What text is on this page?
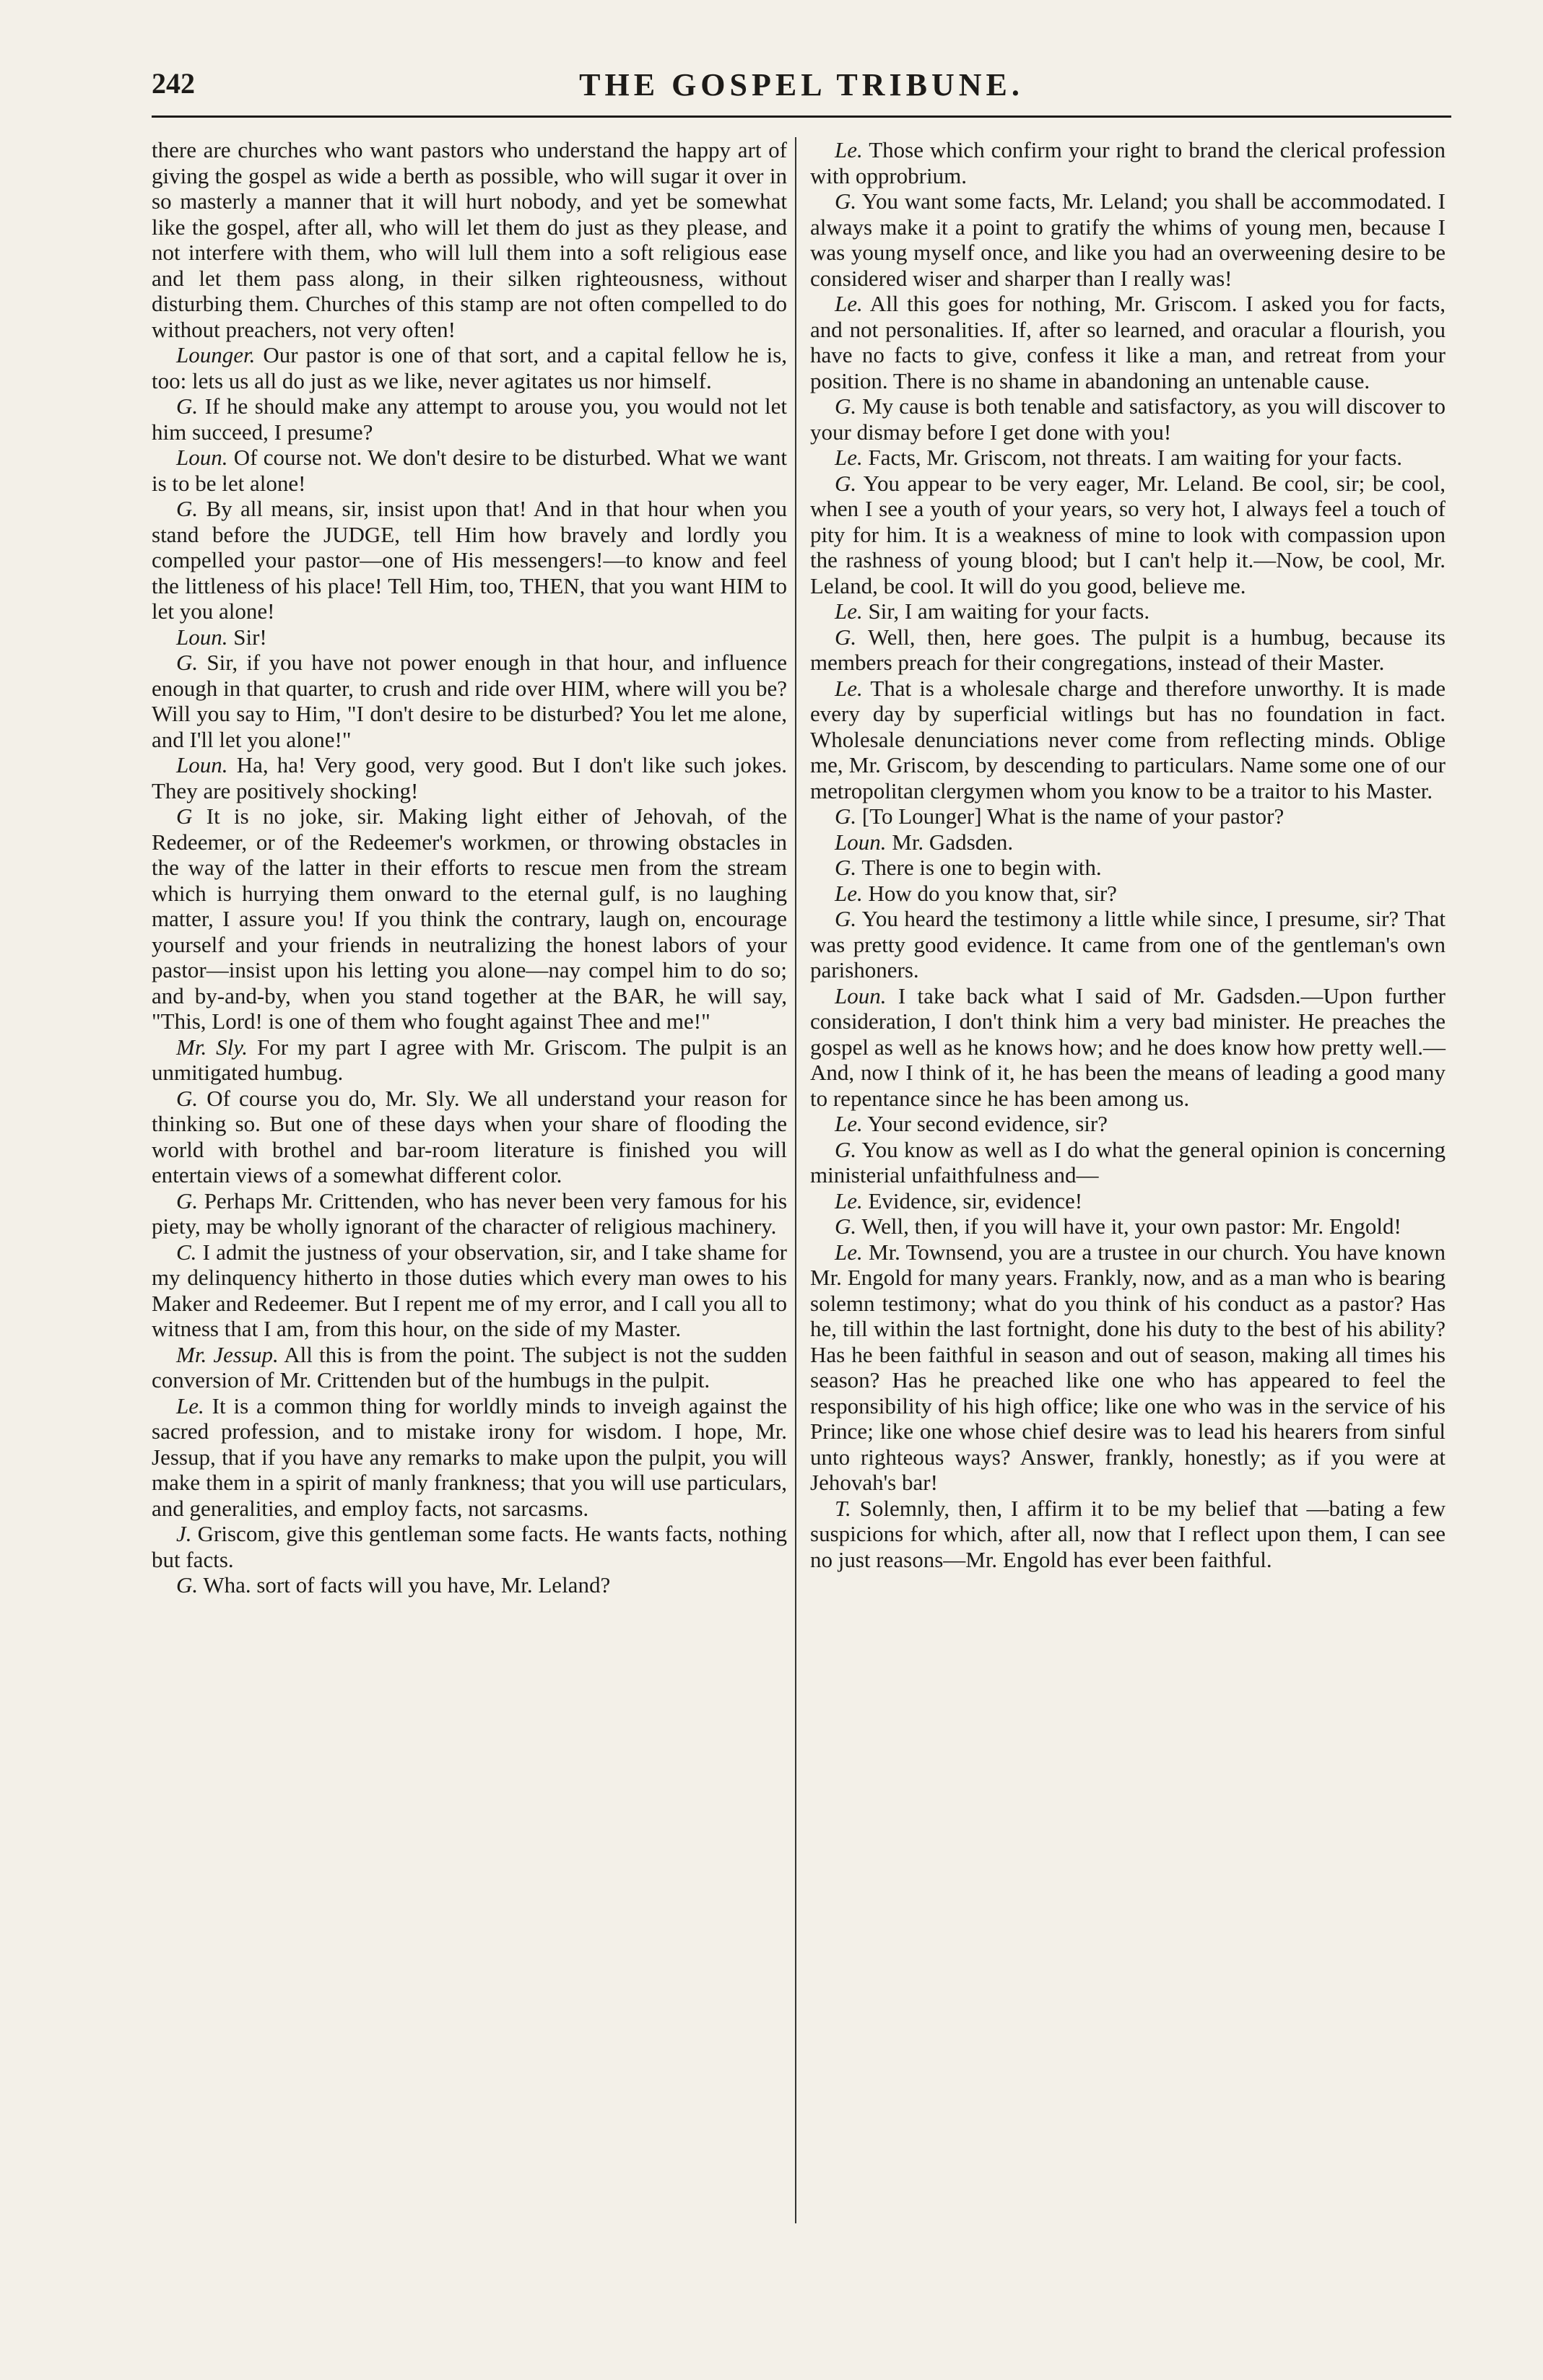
THE GOSPEL TRIBUNE.
242

there are churches who want pastors who understand the happy art of giving the gospel as wide a berth as possible, who will sugar it over in so masterly a manner that it will hurt nobody, and yet be somewhat like the gospel, after all, who will let them do just as they please, and not interfere with them, who will lull them into a soft religious ease and let them pass along, in their silken righteousness, without disturbing them. Churches of this stamp are not often compelled to do without preachers, not very often!

Lounger. Our pastor is one of that sort, and a capital fellow he is, too: lets us all do just as we like, never agitates us nor himself.

G. If he should make any attempt to arouse you, you would not let him succeed, I presume?

Loun. Of course not. We don't desire to be disturbed. What we want is to be let alone!

G. By all means, sir, insist upon that! And in that hour when you stand before the JUDGE, tell Him how bravely and lordly you compelled your pastor—one of His messengers!—to know and feel the littleness of his place! Tell Him, too, THEN, that you want HIM to let you alone!

Loun. Sir!

G. Sir, if you have not power enough in that hour, and influence enough in that quarter, to crush and ride over HIM, where will you be? Will you say to Him, "I don't desire to be disturbed? You let me alone, and I'll let you alone!"

Loun. Ha, ha! Very good, very good. But I don't like such jokes. They are positively shocking!

G It is no joke, sir. Making light either of Jehovah, of the Redeemer, or of the Redeemer's workmen, or throwing obstacles in the way of the latter in their efforts to rescue men from the stream which is hurrying them onward to the eternal gulf, is no laughing matter, I assure you! If you think the contrary, laugh on, encourage yourself and your friends in neutralizing the honest labors of your pastor—insist upon his letting you alone—nay compel him to do so; and by-and-by, when you stand together at the BAR, he will say, "This, Lord! is one of them who fought against Thee and me!"

Mr. Sly. For my part I agree with Mr. Griscom. The pulpit is an unmitigated humbug.

G. Of course you do, Mr. Sly. We all understand your reason for thinking so. But one of these days when your share of flooding the world with brothel and bar-room literature is finished you will entertain views of a somewhat different color.

G. Perhaps Mr. Crittenden, who has never been very famous for his piety, may be wholly ignorant of the character of religious machinery.

C. I admit the justness of your observation, sir, and I take shame for my delinquency hitherto in those duties which every man owes to his Maker and Redeemer. But I repent me of my error, and I call you all to witness that I am, from this hour, on the side of my Master.

Mr. Jessup. All this is from the point. The subject is not the sudden conversion of Mr. Crittenden but of the humbugs in the pulpit.

Le. It is a common thing for worldly minds to inveigh against the sacred profession, and to mistake irony for wisdom. I hope, Mr. Jessup, that if you have any remarks to make upon the pulpit, you will make them in a spirit of manly frankness; that you will use particulars, and generalities, and employ facts, not sarcasms.

J. Griscom, give this gentleman some facts. He wants facts, nothing but facts.

G. Wha. sort of facts will you have, Mr. Leland?

Le. Those which confirm your right to brand the clerical profession with opprobrium.

G. You want some facts, Mr. Leland; you shall be accommodated. I always make it a point to gratify the whims of young men, because I was young myself once, and like you had an overweening desire to be considered wiser and sharper than I really was!

Le. All this goes for nothing, Mr. Griscom. I asked you for facts, and not personalities. If, after so learned, and oracular a flourish, you have no facts to give, confess it like a man, and retreat from your position. There is no shame in abandoning an untenable cause.

G. My cause is both tenable and satisfactory, as you will discover to your dismay before I get done with you!

Le. Facts, Mr. Griscom, not threats. I am waiting for your facts.

G. You appear to be very eager, Mr. Leland. Be cool, sir; be cool, when I see a youth of your years, so very hot, I always feel a touch of pity for him. It is a weakness of mine to look with compassion upon the rashness of young blood; but I can't help it.—Now, be cool, Mr. Leland, be cool. It will do you good, believe me.

Le. Sir, I am waiting for your facts.

G. Well, then, here goes. The pulpit is a humbug, because its members preach for their congregations, instead of their Master.

Le. That is a wholesale charge and therefore unworthy. It is made every day by superficial witlings but has no foundation in fact. Wholesale denunciations never come from reflecting minds. Oblige me, Mr. Griscom, by descending to particulars. Name some one of our metropolitan clergymen whom you know to be a traitor to his Master.

G. [To Lounger] What is the name of your pastor?

Loun. Mr. Gadsden.

G. There is one to begin with.

Le. How do you know that, sir?

G. You heard the testimony a little while since, I presume, sir? That was pretty good evidence. It came from one of the gentleman's own parishoners.

Loun. I take back what I said of Mr. Gadsden.—Upon further consideration, I don't think him a very bad minister. He preaches the gospel as well as he knows how; and he does know how pretty well.—And, now I think of it, he has been the means of leading a good many to repentance since he has been among us.

Le. Your second evidence, sir?

G. You know as well as I do what the general opinion is concerning ministerial unfaithfulness and—

Le. Evidence, sir, evidence!

G. Well, then, if you will have it, your own pastor: Mr. Engold!

Le. Mr. Townsend, you are a trustee in our church. You have known Mr. Engold for many years. Frankly, now, and as a man who is bearing solemn testimony; what do you think of his conduct as a pastor? Has he, till within the last fortnight, done his duty to the best of his ability? Has he been faithful in season and out of season, making all times his season? Has he preached like one who has appeared to feel the responsibility of his high office; like one who was in the service of his Prince; like one whose chief desire was to lead his hearers from sinful unto righteous ways? Answer, frankly, honestly; as if you were at Jehovah's bar!

T. Solemnly, then, I affirm it to be my belief that —bating a few suspicions for which, after all, now that I reflect upon them, I can see no just reasons—Mr. Engold has ever been faithful.
